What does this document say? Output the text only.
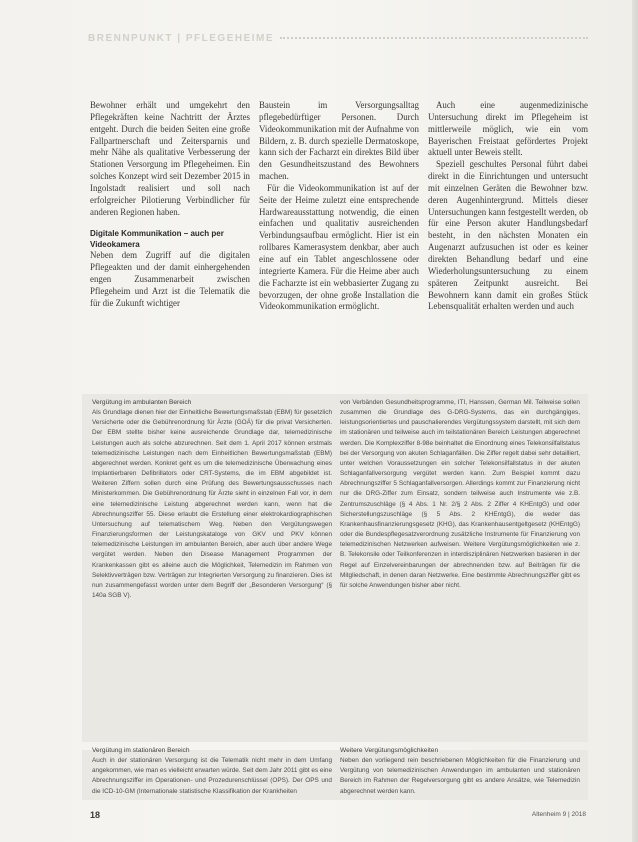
BRENNPUNKT | PFLEGEHEIME

Bewohner erhält und umgekehrt den Pflegekräften keine Nachtritt der Ärztes entgeht. Durch die beiden Seiten eine große Fallpartnerschaft und Zeitersparnis und mehr Nähe als qualitative Verbesserung der Stationen Versorgung im Pflegeheimen. Ein solches Konzept wird seit Dezember 2015 in Ingolstadt realisiert und soll nach erfolgreicher Pilotierung Verbindlicher für anderen Regionen haben.

Digitale Kommunikation – auch per Videokamera

Neben dem Zugriff auf die digitalen Pflegeakten und der damit einhergehenden engen Zusammenarbeit zwischen Pflegeheim und Arzt ist die Telematik die für die Zukunft wichtiger

Baustein im Versorgungsalltag pflegebedürftiger Personen. Durch Videokommunikation mit der Aufnahme von Bildern, z. B. durch spezielle Dermatoskope, kann sich der Facharzt ein direktes Bild über den Gesundheitszustand des Bewohners machen.

Für die Videokommunikation ist auf der Seite der Heime zuletzt eine entsprechende Hardwareausstattung notwendig, die einen einfachen und qualitativ ausreichenden Verbindungsaufbau ermöglicht. Hier ist ein rollbares Kamerasystem denkbar, aber auch eine auf ein Tablet angeschlossene oder integrierte Kamera. Für die Heime aber auch die Facharzte ist ein webbasierter Zugang zu bevorzugen, der ohne große Installation die Videokommunikation ermöglicht.

Auch eine augenmedizinische Untersuchung direkt im Pflegeheim ist mittlerweile möglich, wie ein vom Bayerischen Freistaat gefördertes Projekt aktuell unter Beweis stellt.

Speziell geschultes Personal führt dabei direkt in die Einrichtungen und untersucht mit einzelnen Geräten die Bewohner bzw. deren Augenhintergrund. Mittels dieser Untersuchungen kann festgestellt werden, ob für eine Person akuter Handlungsbedarf besteht, in den nächsten Monaten ein Augenarzt aufzusuchen ist oder es keiner direkten Behandlung bedarf und eine Wiederholungsuntersuchung zu einem späteren Zeitpunkt ausreicht. Bei Bewohnern kann damit ein großes Stück Lebensqualität erhalten werden und auch

Vergütung im ambulanten Bereich

Als Grundlage dienen hier der Einheitliche Bewertungsmaßstab (EBM) für gesetzlich Versicherte oder die Gebührenordnung für Ärzte (GOÄ) für die privat Versicherten. Der EBM stellte bisher keine ausreichende Grundlage dar, telemedizinische Leistungen auch als solche abzurechnen. Seit dem 1. April 2017 können erstmals telemedizinische Leistungen nach dem Einheitlichen Bewertungsmaßstab (EBM) abgerechnet werden. Konkret geht es um die telemedizinische Überwachung eines Implantierbaren Defibrillators oder CRT-Systems, die im EBM abgebildet ist. Weiteren Ziffern sollen durch eine Prüfung des Bewertungsausschusses nach Ministerkommen. Die Gebührenordnung für Ärzte sieht in einzelnen Fall vor, in dem eine telemedizinische Leistung abgerechnet werden kann, wenn hat die Abrechnungsziffer 55. Diese erlaubt die Erstellung einer elektrokardiographischen Untersuchung auf telematischem Weg. Neben den Vergütungswegen Finanzierungsformen der Leistungskataloge von GKV und PKV können telemedizinische Leistungen im ambulanten Bereich, aber auch über andere Wege vergütet werden. Neben den Disease Management Programmen der Krankenkassen gibt es alleine auch die Möglichkeit, Telemedizin im Rahmen von Selektivverträgen bzw. Verträgen zur Integrierten Versorgung zu finanzieren. Dies ist nun zusammengefasst worden unter dem Begriff der „Besonderen Versorgung“ (§ 140a SGB V).

von Verbänden Gesundheitsprogramme, ITI, Hanssen, German Mil. Teilweise sollen zusammen die Grundlage des G-DRG-Systems, das ein durchgängiges, leistungsorientiertes und pauschalierendes Vergütungssystem darstellt, mit sich dem im stationären und teilweise auch im teilstationären Bereich Leistungen abgerechnet werden. Die Komplexziffer 8-98e beinhaltet die Einordnung eines Telekonsilfallstatus bei der Versorgung von akuten Schlaganfällen. Die Ziffer regelt dabei sehr detailliert, unter welchen Voraussetzungen ein solcher Telekonsilfallstatus in der akuten Schlaganfallversorgung vergütet werden kann. Zum Beispiel kommt dazu Abrechnungsziffer 5 Schlaganfallversorgen. Allerdings kommt zur Finanzierung nicht nur die DRG-Ziffer zum Einsatz, sondern teilweise auch Instrumente wie z.B. Zentrumszuschläge (§ 4 Abs. 1 Nr. 2/§ 2 Abs. 2 Ziffer 4 KHEntgG) und oder Sicherstellungszuschläge (§ 5 Abs. 2 KHEntgG), die weder das Krankenhausfinanzierungsgesetz (KHG), das Krankenhausentgeltgesetz (KHEntgG) oder die Bundespflegesatzverordnung zusätzliche Instrumente für Finanzierung von telemedizinischen Netzwerken aufweisen. Weitere Vergütungsmöglichkeiten wie z. B. Telekonsile oder Teilkonferenzen in interdisziplinären Netzwerken basieren in der Regel auf Einzelvereinbarungen der abrechnenden bzw. auf Beiträgen für die Mitgliedschaft, in denen daran Netzwerke. Eine bestimmte Abrechnungsziffer gibt es für solche Anwendungen bisher aber nicht.

Vergütung im stationären Bereich

Auch in der stationären Versorgung ist die Telematik nicht mehr in dem Umfang angekommen, wie man es vielleicht erwarten würde. Seit dem Jahr 2011 gibt es eine Abrechnungsziffer im Operationen- und Prozedurenschlüssel (OPS). Der OPS und die ICD-10-GM (Internationale statistische Klassifikation der Krankheiten

Weitere Vergütungsmöglichkeiten

Neben den vorliegend rein beschriebenen Möglichkeiten für die Finanzierung und Vergütung von telemedizinischen Anwendungen im ambulanten und stationären Bereich im Rahmen der Regelversorgung gibt es andere Ansätze, wie Telemedizin abgerechnet werden kann.

18	Altenheim 9 | 2018
